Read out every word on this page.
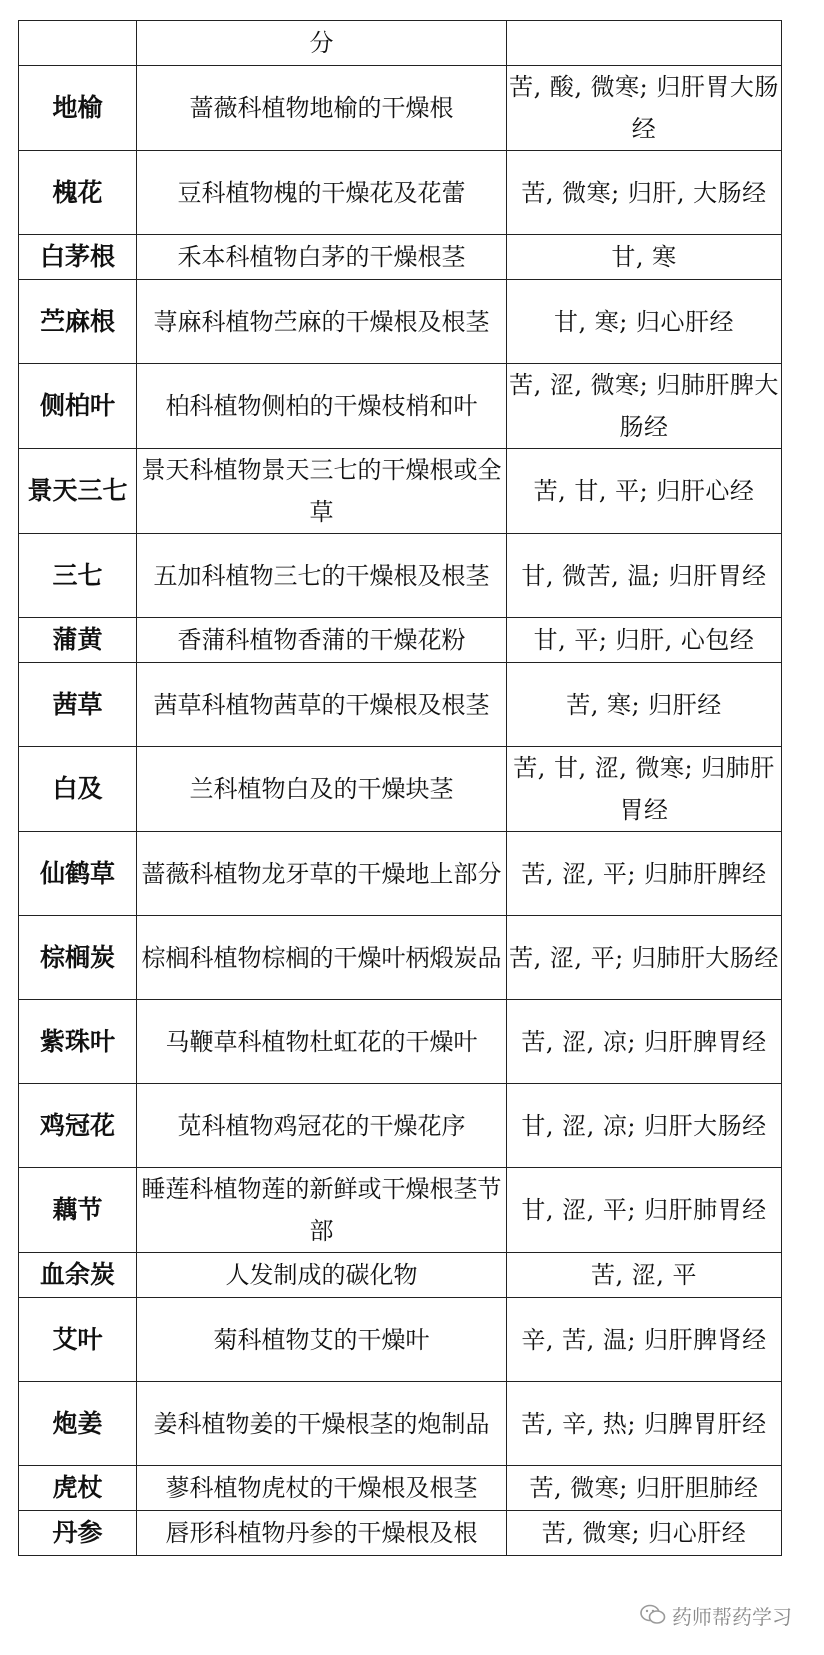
	分	
地榆	蔷薇科植物地榆的干燥根	苦, 酸, 微寒; 归肝胃大肠经
槐花	豆科植物槐的干燥花及花蕾	苦, 微寒; 归肝, 大肠经
白茅根	禾本科植物白茅的干燥根茎	甘, 寒
苎麻根	荨麻科植物苎麻的干燥根及根茎	甘, 寒; 归心肝经
侧柏叶	柏科植物侧柏的干燥枝梢和叶	苦, 涩, 微寒; 归肺肝脾大肠经
景天三七	景天科植物景天三七的干燥根或全草	苦, 甘, 平; 归肝心经
三七	五加科植物三七的干燥根及根茎	甘, 微苦, 温; 归肝胃经
蒲黄	香蒲科植物香蒲的干燥花粉	甘, 平; 归肝, 心包经
茜草	茜草科植物茜草的干燥根及根茎	苦, 寒; 归肝经
白及	兰科植物白及的干燥块茎	苦, 甘, 涩, 微寒; 归肺肝胃经
仙鹤草	蔷薇科植物龙牙草的干燥地上部分	苦, 涩, 平; 归肺肝脾经
棕榈炭	棕榈科植物棕榈的干燥叶柄煅炭品	苦, 涩, 平; 归肺肝大肠经
紫珠叶	马鞭草科植物杜虹花的干燥叶	苦, 涩, 凉; 归肝脾胃经
鸡冠花	苋科植物鸡冠花的干燥花序	甘, 涩, 凉; 归肝大肠经
藕节	睡莲科植物莲的新鲜或干燥根茎节部	甘, 涩, 平; 归肝肺胃经
血余炭	人发制成的碳化物	苦, 涩, 平
艾叶	菊科植物艾的干燥叶	辛, 苦, 温; 归肝脾肾经
炮姜	姜科植物姜的干燥根茎的炮制品	苦, 辛, 热; 归脾胃肝经
虎杖	蓼科植物虎杖的干燥根及根茎	苦, 微寒; 归肝胆肺经
丹参	唇形科植物丹参的干燥根及根	苦, 微寒; 归心肝经
药师帮药学习
